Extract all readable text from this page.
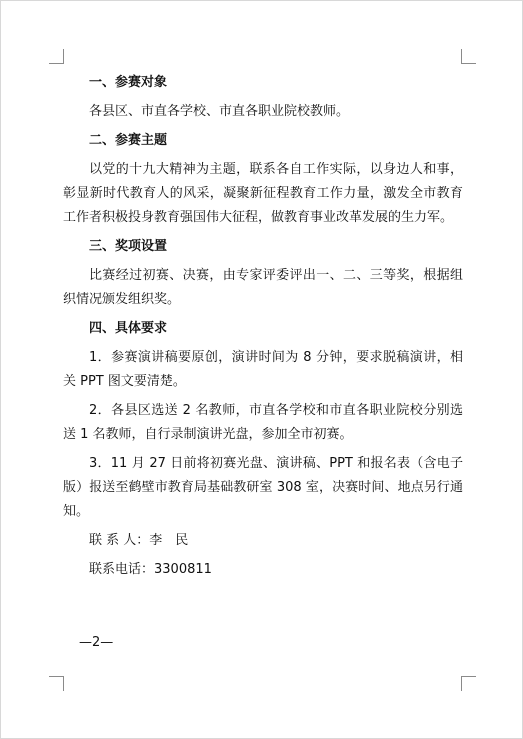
一、参赛对象

各县区、市直各学校、市直各职业院校教师。

二、参赛主题

以党的十九大精神为主题，联系各自工作实际，以身边人和事，彰显新时代教育人的风采，凝聚新征程教育工作力量，激发全市教育工作者积极投身教育强国伟大征程，做教育事业改革发展的生力军。

三、奖项设置

比赛经过初赛、决赛，由专家评委评出一、二、三等奖，根据组织情况颁发组织奖。

四、具体要求

1．参赛演讲稿要原创，演讲时间为 8 分钟，要求脱稿演讲，相关 PPT 图文要清楚。

2．各县区选送 2 名教师，市直各学校和市直各职业院校分别选送 1 名教师，自行录制演讲光盘，参加全市初赛。

3．11 月 27 日前将初赛光盘、演讲稿、PPT 和报名表（含电子版）报送至鹤壁市教育局基础教研室 308 室，决赛时间、地点另行通知。

联 系 人：李　民

联系电话：3300811

—2—
